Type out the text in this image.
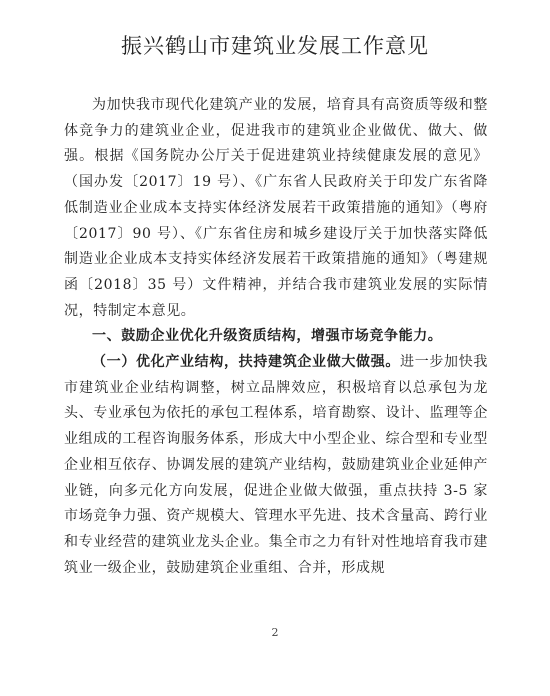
振兴鹤山市建筑业发展工作意见

为加快我市现代化建筑产业的发展，培育具有高资质等级和整体竞争力的建筑业企业，促进我市的建筑业企业做优、做大、做强。根据《国务院办公厅关于促进建筑业持续健康发展的意见》（国办发〔2017〕19 号）、《广东省人民政府关于印发广东省降低制造业企业成本支持实体经济发展若干政策措施的通知》（粤府〔2017〕90 号）、《广东省住房和城乡建设厅关于加快落实降低制造业企业成本支持实体经济发展若干政策措施的通知》（粤建规函〔2018〕35 号）文件精神，并结合我市建筑业发展的实际情况，特制定本意见。

一、鼓励企业优化升级资质结构，增强市场竞争能力。

（一）优化产业结构，扶持建筑企业做大做强。进一步加快我市建筑业企业结构调整，树立品牌效应，积极培育以总承包为龙头、专业承包为依托的承包工程体系，培育勘察、设计、监理等企业组成的工程咨询服务体系，形成大中小型企业、综合型和专业型企业相互依存、协调发展的建筑产业结构，鼓励建筑业企业延伸产业链，向多元化方向发展，促进企业做大做强，重点扶持 3-5 家市场竞争力强、资产规模大、管理水平先进、技术含量高、跨行业和专业经营的建筑业龙头企业。集全市之力有针对性地培育我市建筑业一级企业，鼓励建筑企业重组、合并，形成规

2
